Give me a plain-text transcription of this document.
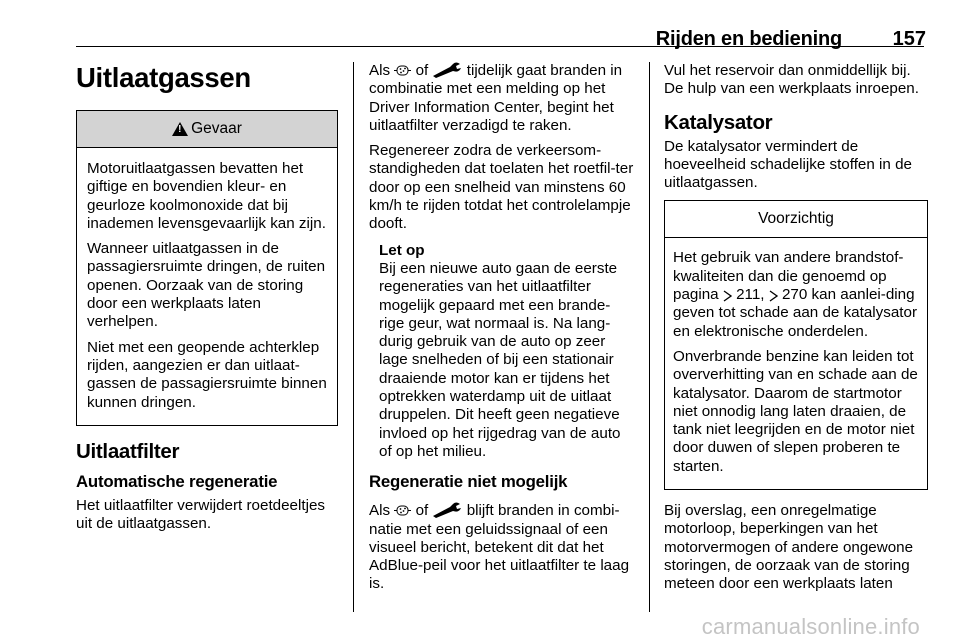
Rijden en bediening	157
Uitlaatgassen
!
Gevaar

Motoruitlaatgassen bevatten het giftige en bovendien kleur- en geurloze koolmonoxide dat bij inademen levensgevaarlijk kan zijn.

Wanneer uitlaatgassen in de passagiersruimte dringen, de ruiten openen. Oorzaak van de storing door een werkplaats laten verhelpen.

Niet met een geopende achterklep rijden, aangezien er dan uitlaat-gassen de passagiersruimte binnen kunnen dringen.

Uitlaatfilter
Automatische regeneratie

Het uitlaatfilter verwijdert roetdeeltjes uit de uitlaatgassen.

Als of	tijdelijk gaat branden in combinatie met een melding op het Driver Information Center, begint het uitlaatfilter verzadigd te raken.

Regenereer zodra de verkeersom-standigheden dat toelaten het roetfil-ter door op een snelheid van minstens 60 km/h te rijden totdat het controlelampje dooft.

Let op

Bij een nieuwe auto gaan de eerste regeneraties van het uitlaatfilter mogelijk gepaard met een brande-rige geur, wat normaal is. Na lang-durig gebruik van de auto op zeer lage snelheden of bij een stationair draaiende motor kan er tijdens het optrekken waterdamp uit de uitlaat druppelen. Dit heeft geen negatieve invloed op het rijgedrag van de auto of op het milieu.

Regeneratie niet mogelijk

Als of	blijft branden in combi-natie met een geluidssignaal of een visueel bericht, betekent dit dat het AdBlue-peil voor het uitlaatfilter te laag is.

Vul het reservoir dan onmiddellijk bij. De hulp van een werkplaats inroepen.

Katalysator

De katalysator vermindert de hoeveelheid schadelijke stoffen in de uitlaatgassen.

Voorzichtig

Het gebruik van andere brandstof-kwaliteiten dan die genoemd op pagina 211, 270 kan aanlei-ding geven tot schade aan de katalysator en elektronische onderdelen.

Onverbrande benzine kan leiden tot oververhitting van en schade aan de katalysator. Daarom de startmotor niet onnodig lang laten draaien, de tank niet leegrijden en de motor niet door duwen of slepen proberen te starten.

Bij overslag, een onregelmatige motorloop, beperkingen van het motorvermogen of andere ongewone storingen, de oorzaak van de storing meteen door een werkplaats laten

carmanualsonline.info
